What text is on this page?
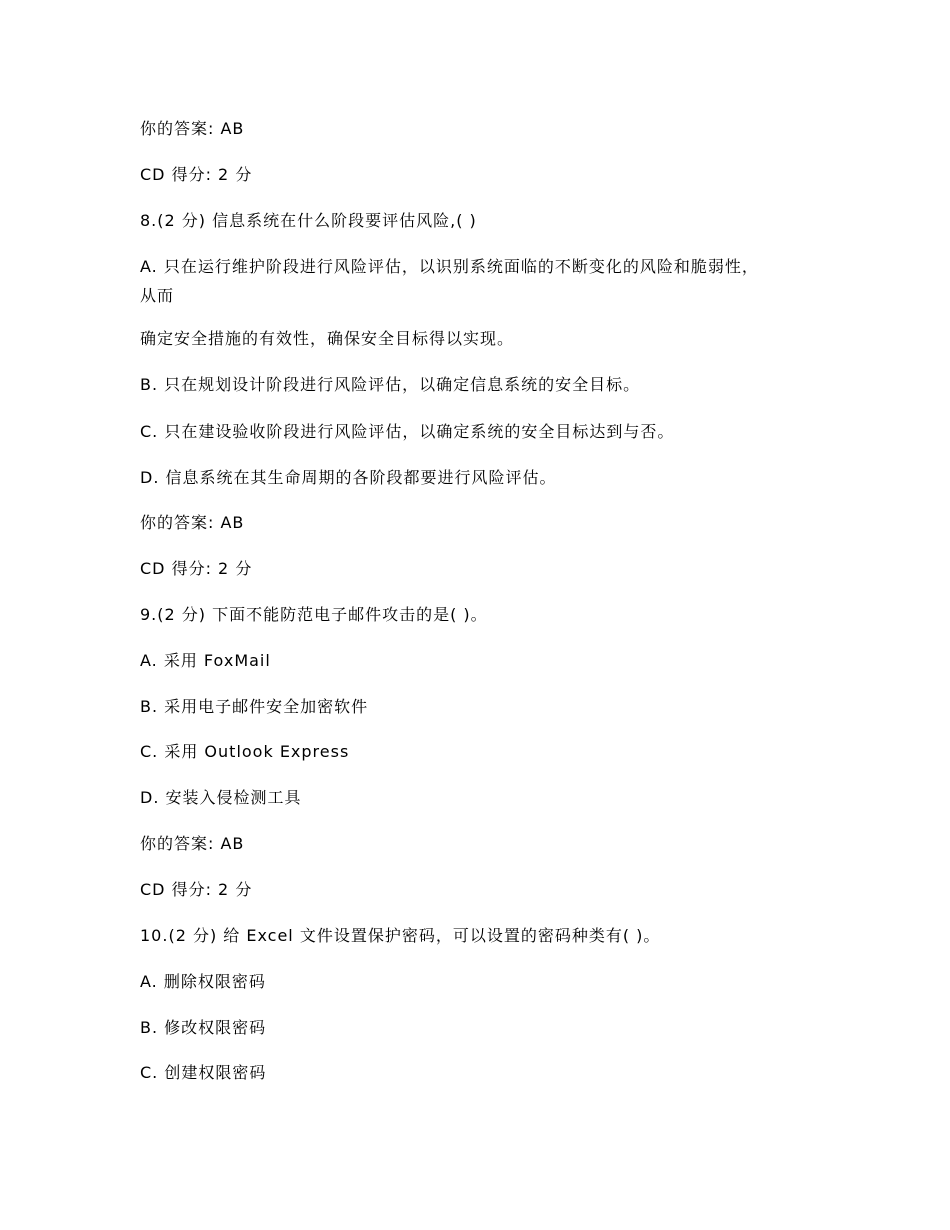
你的答案: AB
CD 得分: 2 分
8.(2 分) 信息系统在什么阶段要评估风险,( )
A. 只在运行维护阶段进行风险评估，以识别系统面临的不断变化的风险和脆弱性，
从而
确定安全措施的有效性，确保安全目标得以实现。
B. 只在规划设计阶段进行风险评估，以确定信息系统的安全目标。
C. 只在建设验收阶段进行风险评估，以确定系统的安全目标达到与否。
D. 信息系统在其生命周期的各阶段都要进行风险评估。
你的答案: AB
CD 得分: 2 分
9.(2 分) 下面不能防范电子邮件攻击的是( )。
A. 采用 FoxMail
B. 采用电子邮件安全加密软件
C. 采用 Outlook Express
D. 安装入侵检测工具
你的答案: AB
CD 得分: 2 分
10.(2 分) 给 Excel 文件设置保护密码，可以设置的密码种类有( )。
A. 删除权限密码
B. 修改权限密码
C. 创建权限密码
